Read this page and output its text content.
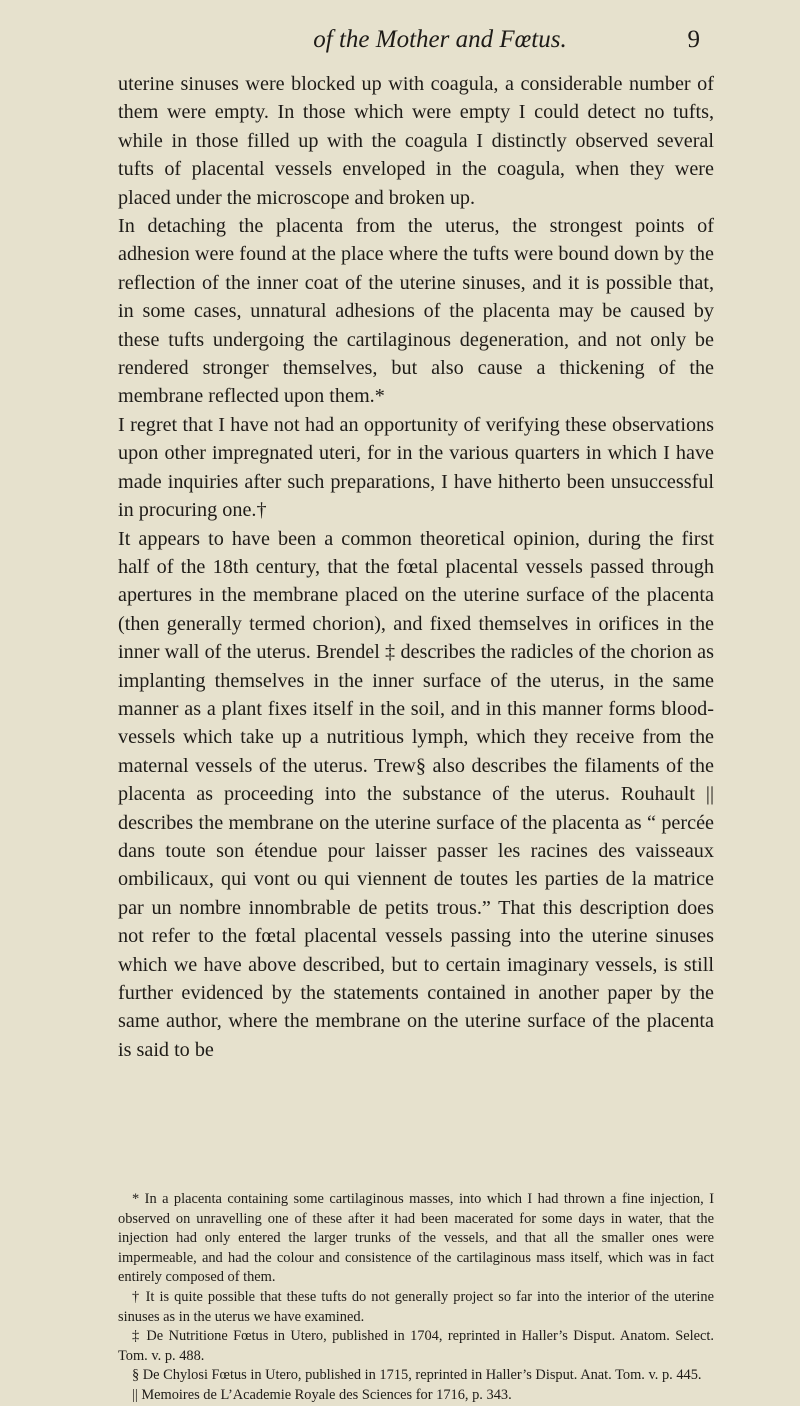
of the Mother and Fœtus.	9

uterine sinuses were blocked up with coagula, a considerable number of them were empty. In those which were empty I could detect no tufts, while in those filled up with the coagula I distinctly observed several tufts of placental vessels enveloped in the coagula, when they were placed under the microscope and broken up.

In detaching the placenta from the uterus, the strongest points of adhesion were found at the place where the tufts were bound down by the reflection of the inner coat of the uterine sinuses, and it is possible that, in some cases, unnatural adhesions of the placenta may be caused by these tufts undergoing the cartilaginous degeneration, and not only be rendered stronger themselves, but also cause a thickening of the membrane reflected upon them.*

I regret that I have not had an opportunity of verifying these observations upon other impregnated uteri, for in the various quarters in which I have made inquiries after such preparations, I have hitherto been unsuccessful in procuring one.†

It appears to have been a common theoretical opinion, during the first half of the 18th century, that the fœtal placental vessels passed through apertures in the membrane placed on the uterine surface of the placenta (then generally termed chorion), and fixed themselves in orifices in the inner wall of the uterus. Brendel ‡ describes the radicles of the chorion as implanting themselves in the inner surface of the uterus, in the same manner as a plant fixes itself in the soil, and in this manner forms blood-vessels which take up a nutritious lymph, which they receive from the maternal vessels of the uterus. Trew§ also describes the filaments of the placenta as proceeding into the substance of the uterus. Rouhault || describes the membrane on the uterine surface of the placenta as “ percée dans toute son étendue pour laisser passer les racines des vaisseaux ombilicaux, qui vont ou qui viennent de toutes les parties de la matrice par un nombre innombrable de petits trous.” That this description does not refer to the fœtal placental vessels passing into the uterine sinuses which we have above described, but to certain imaginary vessels, is still further evidenced by the statements contained in another paper by the same author, where the membrane on the uterine surface of the placenta is said to be

* In a placenta containing some cartilaginous masses, into which I had thrown a fine injection, I observed on unravelling one of these after it had been macerated for some days in water, that the injection had only entered the larger trunks of the vessels, and that all the smaller ones were impermeable, and had the colour and consistence of the cartilaginous mass itself, which was in fact entirely composed of them.

† It is quite possible that these tufts do not generally project so far into the interior of the uterine sinuses as in the uterus we have examined.

‡ De Nutritione Fœtus in Utero, published in 1704, reprinted in Haller’s Disput. Anatom. Select. Tom. v. p. 488.

§ De Chylosi Fœtus in Utero, published in 1715, reprinted in Haller’s Disput. Anat. Tom. v. p. 445.

|| Memoires de L’Academie Royale des Sciences for 1716, p. 343.
